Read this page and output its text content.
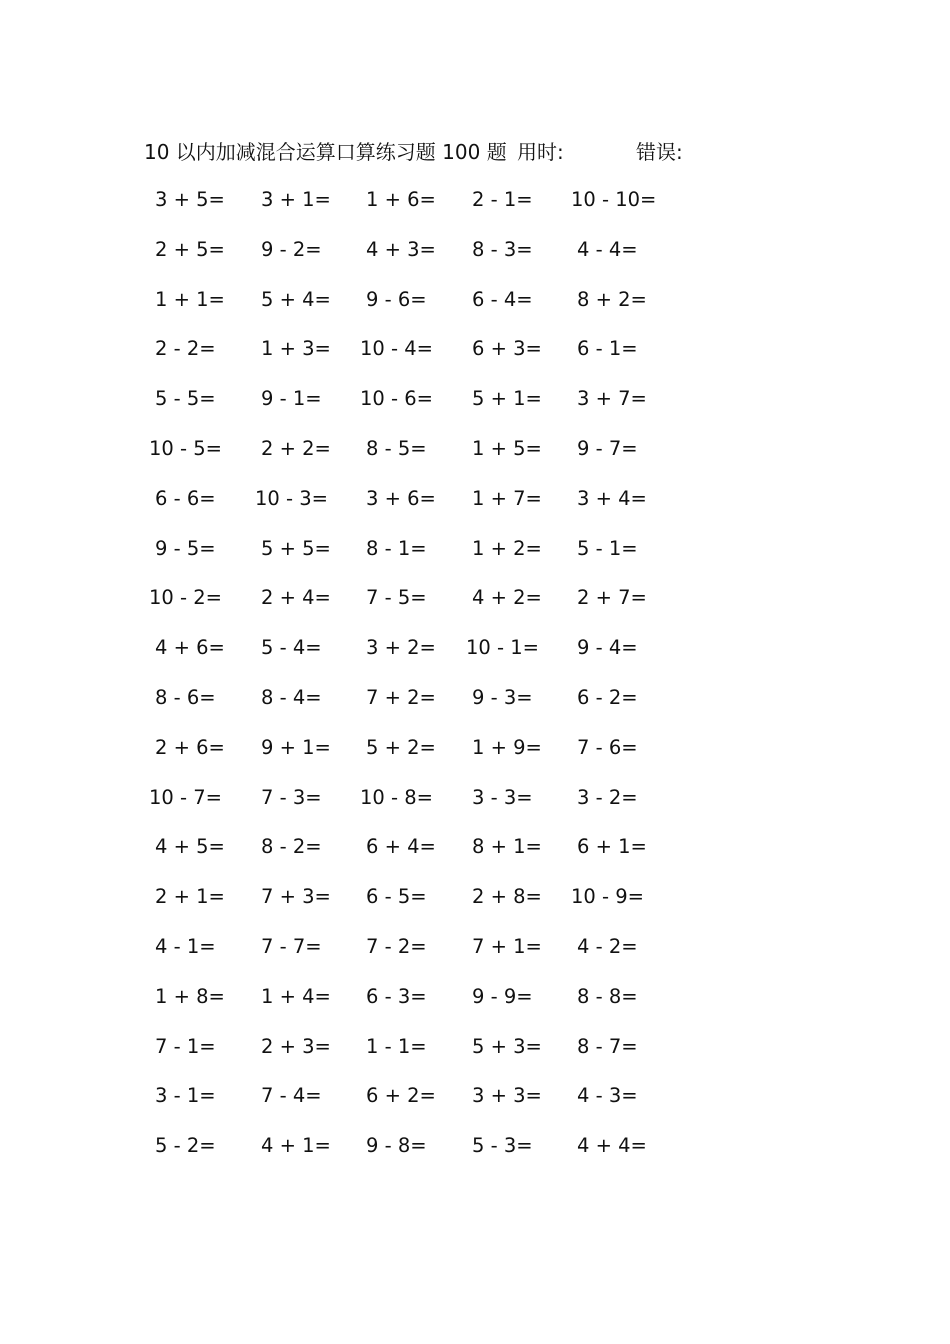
10 以内加减混合运算口算练习题 100 题 用时:	错误:
3 + 5= 3 + 1= 1 + 6= 2 - 1= 10 - 10=
2 + 5= 9 - 2= 4 + 3= 8 - 3= 4 - 4=
1 + 1= 5 + 4= 9 - 6= 6 - 4= 8 + 2=
2 - 2= 1 + 3= 10 - 4= 6 + 3= 6 - 1=
5 - 5= 9 - 1= 10 - 6= 5 + 1= 3 + 7=
10 - 5= 2 + 2= 8 - 5= 1 + 5= 9 - 7=
6 - 6= 10 - 3= 3 + 6= 1 + 7= 3 + 4=
9 - 5= 5 + 5= 8 - 1= 1 + 2= 5 - 1=
10 - 2= 2 + 4= 7 - 5= 4 + 2= 2 + 7=
4 + 6= 5 - 4= 3 + 2= 10 - 1= 9 - 4=
8 - 6= 8 - 4= 7 + 2= 9 - 3= 6 - 2=
2 + 6= 9 + 1= 5 + 2= 1 + 9= 7 - 6=
10 - 7= 7 - 3= 10 - 8= 3 - 3= 3 - 2=
4 + 5= 8 - 2= 6 + 4= 8 + 1= 6 + 1=
2 + 1= 7 + 3= 6 - 5= 2 + 8= 10 - 9=
4 - 1= 7 - 7= 7 - 2= 7 + 1= 4 - 2=
1 + 8= 1 + 4= 6 - 3= 9 - 9= 8 - 8=
7 - 1= 2 + 3= 1 - 1= 5 + 3= 8 - 7=
3 - 1= 7 - 4= 6 + 2= 3 + 3= 4 - 3=
5 - 2= 4 + 1= 9 - 8= 5 - 3= 4 + 4=
